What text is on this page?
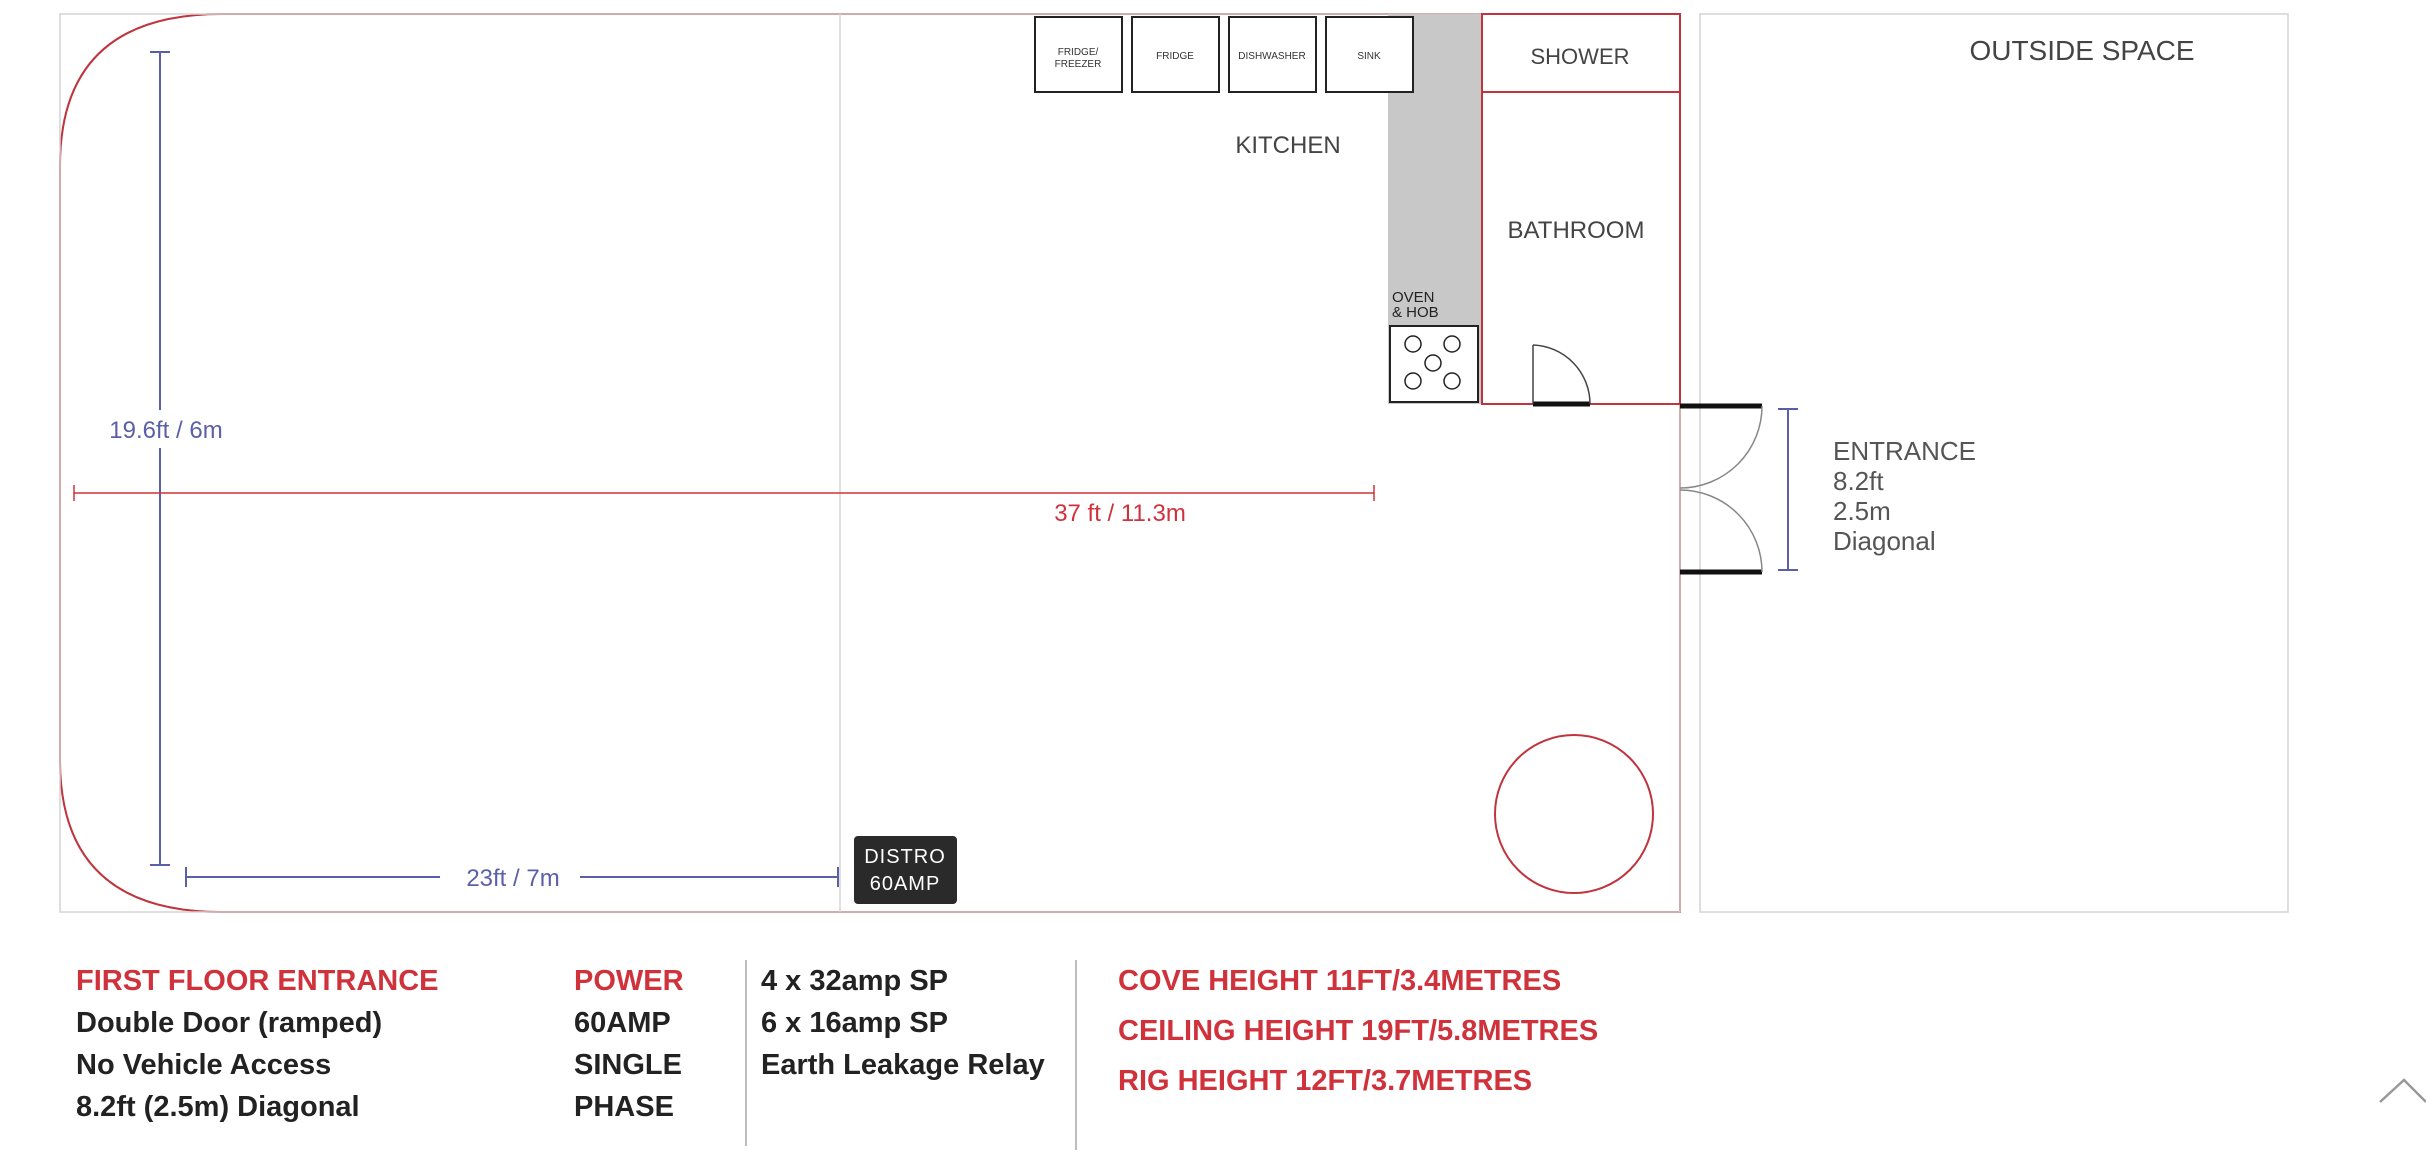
FRIDGE/
FREEZER
FRIDGE	DISHWASHER	SINK
KITCHEN
SHOWER
BATHROOM
OUTSIDE SPACE
OVEN
& HOB
ENTRANCE
8.2ft
2.5m
Diagonal
DISTRO
60AMP
19.6ft / 6m
37 ft / 11.3m
23ft / 7m
FIRST FLOOR ENTRANCE
Double Door (ramped)
No Vehicle Access
8.2ft (2.5m) Diagonal
POWER
60AMP
SINGLE
PHASE
4 x 32amp SP
6 x 16amp SP
Earth Leakage Relay
COVE HEIGHT 11FT/3.4METRES
CEILING HEIGHT 19FT/5.8METRES
RIG HEIGHT 12FT/3.7METRES
